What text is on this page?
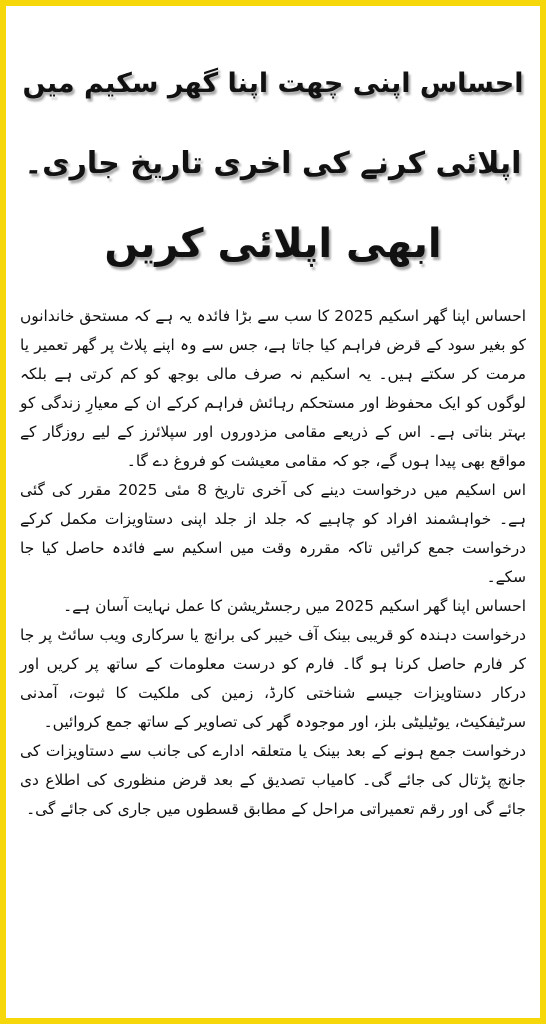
احساس اپنی چھت اپنا گھر سکیم میں
اپلائی کرنے کی اخری تاریخ جاری۔
ابھی اپلائی کریں

احساس اپنا گھر اسکیم 2025 کا سب سے بڑا فائدہ یہ ہے کہ مستحق خاندانوں کو بغیر سود کے قرض فراہم کیا جاتا ہے، جس سے وہ اپنے پلاٹ پر گھر تعمیر یا مرمت کر سکتے ہیں۔ یہ اسکیم نہ صرف مالی بوجھ کو کم کرتی ہے بلکہ لوگوں کو ایک محفوظ اور مستحکم رہائش فراہم کرکے ان کے معیارِ زندگی کو بہتر بناتی ہے۔ اس کے ذریعے مقامی مزدوروں اور سپلائرز کے لیے روزگار کے مواقع بھی پیدا ہوں گے، جو کہ مقامی معیشت کو فروغ دے گا۔

اس اسکیم میں درخواست دینے کی آخری تاریخ 8 مئی 2025 مقرر کی گئی ہے۔ خواہشمند افراد کو چاہیے کہ جلد از جلد اپنی دستاویزات مکمل کرکے درخواست جمع کرائیں تاکہ مقررہ وقت میں اسکیم سے فائدہ حاصل کیا جا سکے۔

احساس اپنا گھر اسکیم 2025 میں رجسٹریشن کا عمل نہایت آسان ہے۔

درخواست دہندہ کو قریبی بینک آف خیبر کی برانچ یا سرکاری ویب سائٹ پر جا کر فارم حاصل کرنا ہو گا۔ فارم کو درست معلومات کے ساتھ پر کریں اور درکار دستاویزات جیسے شناختی کارڈ، زمین کی ملکیت کا ثبوت، آمدنی سرٹیفکیٹ، یوٹیلیٹی بلز، اور موجودہ گھر کی تصاویر کے ساتھ جمع کروائیں۔

درخواست جمع ہونے کے بعد بینک یا متعلقہ ادارے کی جانب سے دستاویزات کی جانچ پڑتال کی جائے گی۔ کامیاب تصدیق کے بعد قرض منظوری کی اطلاع دی جائے گی اور رقم تعمیراتی مراحل کے مطابق قسطوں میں جاری کی جائے گی۔
